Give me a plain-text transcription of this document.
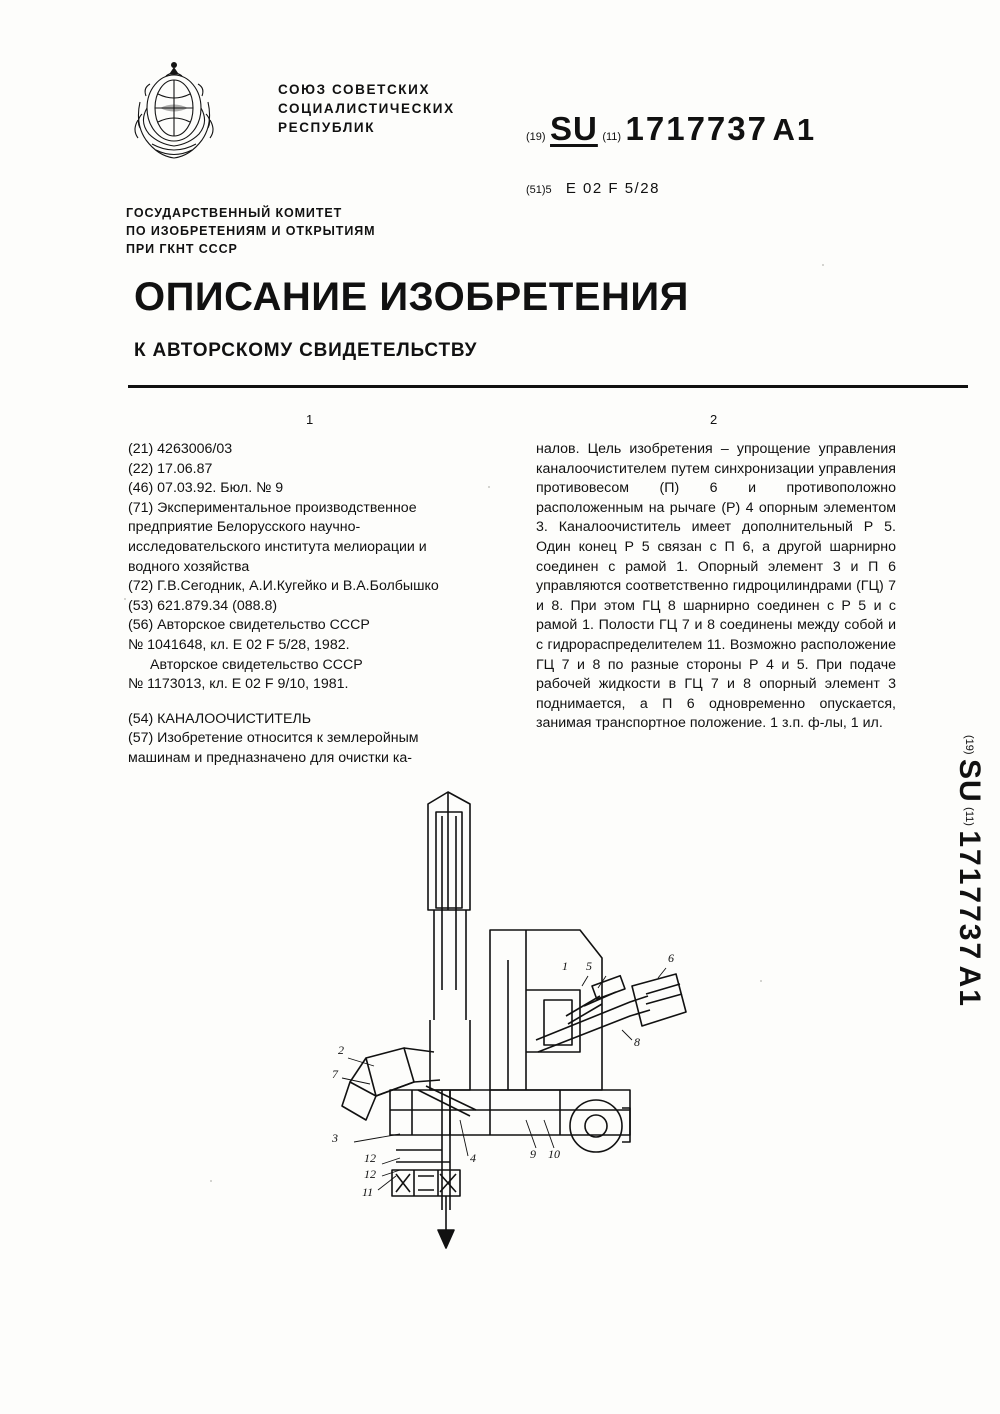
СОЮЗ СОВЕТСКИХ
СОЦИАЛИСТИЧЕСКИХ
РЕСПУБЛИК
(19) SU (11) 1717737 A1
(51)5 E 02 F 5/28
ГОСУДАРСТВЕННЫЙ КОМИТЕТ
ПО ИЗОБРЕТЕНИЯМ И ОТКРЫТИЯМ
ПРИ ГКНТ СССР
ОПИСАНИЕ ИЗОБРЕТЕНИЯ
К АВТОРСКОМУ СВИДЕТЕЛЬСТВУ
1	2

(21) 4263006/03

(22) 17.06.87

(46) 07.03.92. Бюл. № 9

(71) Экспериментальное производственное предприятие Белорусского научно-исследовательского института мелиорации и водного хозяйства

(72) Г.В.Сегодник, А.И.Кугейко и В.А.Болбышко

(53) 621.879.34 (088.8)

(56) Авторское свидетельство СССР

№ 1041648, кл. Е 02 F 5/28, 1982.

Авторское свидетельство СССР

№ 1173013, кл. Е 02 F 9/10, 1981.

(54) КАНАЛООЧИСТИТЕЛЬ

(57) Изобретение относится к землеройным машинам и предназначено для очистки ка-

налов. Цель изобретения – упрощение управления каналоочистителем путем синхронизации управления противовесом (П) 6 и противоположно расположенным на рычаге (Р) 4 опорным элементом 3. Каналоочиститель имеет дополнительный Р 5. Один конец Р 5 связан с П 6, а другой шарнирно соединен с рамой 1. Опорный элемент 3 и П 6 управляются соответственно гидроцилиндрами (ГЦ) 7 и 8. При этом ГЦ 8 шарнирно соединен с Р 5 и с рамой 1. Полости ГЦ 7 и 8 соединены между собой и с гидрораспределителем 11. Возможно расположение ГЦ 7 и 8 по разные стороны Р 4 и 5. При подаче рабочей жидкости в ГЦ 7 и 8 опорный элемент 3 поднимается, а П 6 одновременно опускается, занимая транспортное положение. 1 з.п. ф-лы, 1 ил.

(19) SU (11) 1717737 A1
1
2
3
4
5
6
7
8
9 10
11
12
12
